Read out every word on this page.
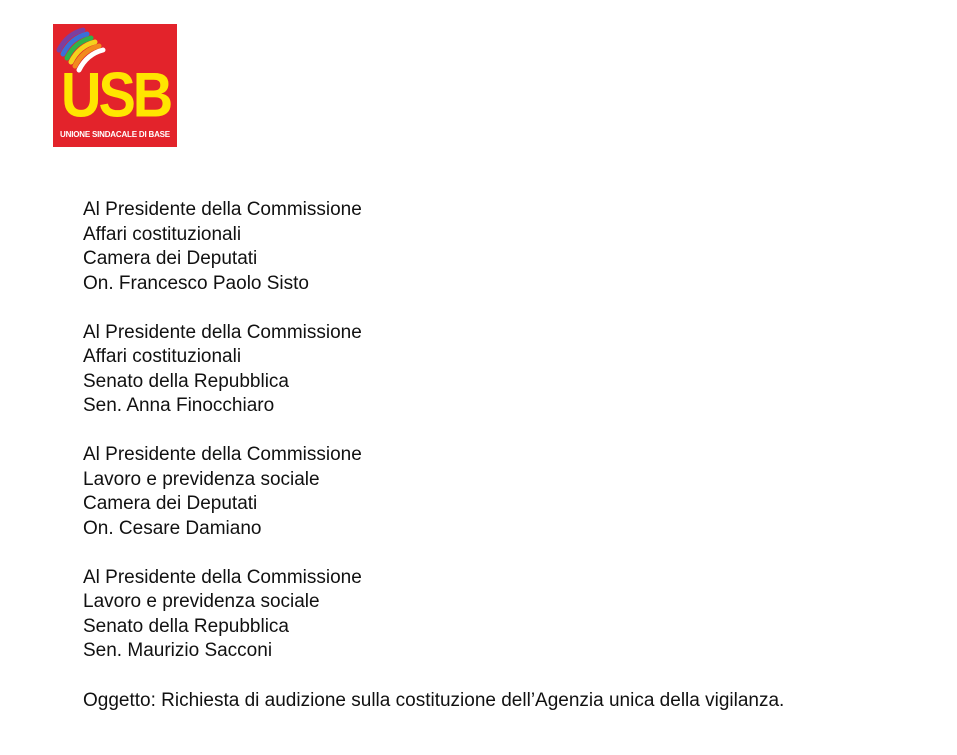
USB
UNIONE SINDACALE DI BASE
Al Presidente della Commissione
Affari costituzionali
Camera dei Deputati
On. Francesco Paolo Sisto
Al Presidente della Commissione
Affari costituzionali
Senato della Repubblica
Sen. Anna Finocchiaro
Al Presidente della Commissione
Lavoro e previdenza sociale
Camera dei Deputati
On. Cesare Damiano
Al Presidente della Commissione
Lavoro e previdenza sociale
Senato della Repubblica
Sen. Maurizio Sacconi
Oggetto: Richiesta di audizione sulla costituzione dell’Agenzia unica della vigilanza.
